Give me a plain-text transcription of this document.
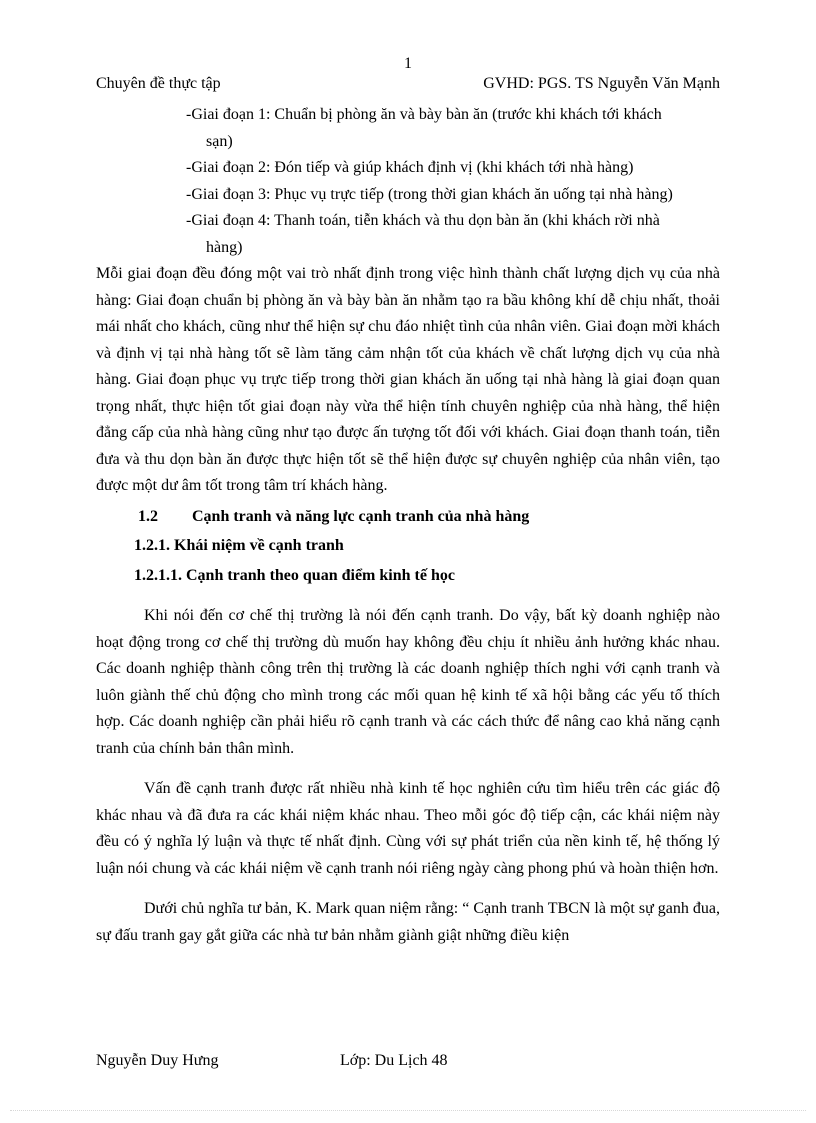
1
Chuyên đề thực tập	GVHD: PGS. TS Nguyễn Văn Mạnh
-Giai đoạn 1: Chuẩn bị phòng ăn và bày bàn ăn (trước khi khách tới khách
sạn)
-Giai đoạn 2: Đón tiếp và giúp khách định vị (khi khách tới nhà hàng)
-Giai đoạn 3: Phục vụ trực tiếp (trong thời gian khách ăn uống tại nhà hàng)
-Giai đoạn 4: Thanh toán, tiễn khách và thu dọn bàn ăn (khi khách rời nhà
hàng)

Mỗi giai đoạn đều đóng một vai trò nhất định trong việc hình thành chất lượng dịch vụ của nhà hàng: Giai đoạn chuẩn bị phòng ăn và bày bàn ăn nhằm tạo ra bầu không khí dễ chịu nhất, thoải mái nhất cho khách, cũng như thể hiện sự chu đáo nhiệt tình của nhân viên. Giai đoạn mời khách và định vị tại nhà hàng tốt sẽ làm tăng cảm nhận tốt của khách về chất lượng dịch vụ của nhà hàng. Giai đoạn phục vụ trực tiếp trong thời gian khách ăn uống tại nhà hàng là giai đoạn quan trọng nhất, thực hiện tốt giai đoạn này vừa thể hiện tính chuyên nghiệp của nhà hàng, thể hiện đẳng cấp của nhà hàng cũng như tạo được ấn tượng tốt đối với khách. Giai đoạn thanh toán, tiễn đưa và thu dọn bàn ăn được thực hiện tốt sẽ thể hiện được sự chuyên nghiệp của nhân viên, tạo được một dư âm tốt trong tâm trí khách hàng.

1.2 Cạnh tranh và năng lực cạnh tranh của nhà hàng
1.2.1. Khái niệm về cạnh tranh
1.2.1.1. Cạnh tranh theo quan điểm kinh tế học

Khi nói đến cơ chế thị trường là nói đến cạnh tranh. Do vậy, bất kỳ doanh nghiệp nào hoạt động trong cơ chế thị trường dù muốn hay không đều chịu ít nhiều ảnh hưởng khác nhau. Các doanh nghiệp thành công trên thị trường là các doanh nghiệp thích nghi với cạnh tranh và luôn giành thế chủ động cho mình trong các mối quan hệ kinh tế xã hội bằng các yếu tố thích hợp. Các doanh nghiệp cần phải hiểu rõ cạnh tranh và các cách thức để nâng cao khả năng cạnh tranh của chính bản thân mình.

Vấn đề cạnh tranh được rất nhiều nhà kinh tế học nghiên cứu tìm hiểu trên các giác độ khác nhau và đã đưa ra các khái niệm khác nhau. Theo mỗi góc độ tiếp cận, các khái niệm này đều có ý nghĩa lý luận và thực tế nhất định. Cùng với sự phát triển của nền kinh tế, hệ thống lý luận nói chung và các khái niệm về cạnh tranh nói riêng ngày càng phong phú và hoàn thiện hơn.

Dưới chủ nghĩa tư bản, K. Mark quan niệm rằng: “ Cạnh tranh TBCN là một sự ganh đua, sự đấu tranh gay gắt giữa các nhà tư bản nhằm giành giật những điều kiện

Nguyễn Duy Hưng	Lớp: Du Lịch 48
